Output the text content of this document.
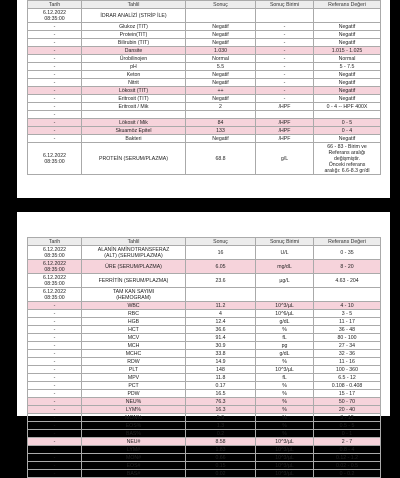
Tarih	Tahlil	Sonuç	Sonuç Birimi	Referans Değeri
6.12.2022
08:35:00	İDRAR ANALİZİ (STRİP İLE)			
-	Glukoz (TIT)	Negatif	-	Negatif
-	Protein(TIT)	Negatif	-	Negatif
-	Bilirubin (TIT)	Negatif	-	Negatif
-	Dansite	1.030	-	1.015 - 1.025
-	Ürobilinojen	Normal	-	Normal
-	pH	5.5	-	5 - 7.5
-	Keton	Negatif	-	Negatif
-	Nitrit	Negatif	-	Negatif
-	Lökosit (TIT)	++	-	Negatif
-	Eritrosit (TIT)	Negatif	-	Negatif
-	Eritrosit / Mik	2	/HPF	0 - 4 -- HPF 400X
-				
-	Lökosit / Mik	84	/HPF	0 - 5
-	Skuamöz Epitel	133	/HPF	0 - 4
-	Bakteri	Negatif	/HPF	Negatif
6.12.2022
08:35:00	PROTEİN (SERUM/PLAZMA)	68.8	g/L	66 - 83 - Birim ve
Referans aralığı
değişmiştir.
Önceki referans
aralığı: 6.6-8.3 gr/dl
Tarih	Tahlil	Sonuç	Sonuç Birimi	Referans Değeri
6.12.2022
08:35:00	ALANİN AMİNOTRANSFERAZ
(ALT) (SERUM/PLAZMA)	16	U/L	0 - 35
6.12.2022
08:35:00	ÜRE (SERUM/PLAZMA)	6.05	mg/dL	8 - 20
6.12.2022
08:35:00	FERRİTİN (SERUM/PLAZMA)	23.6	µg/L	4.63 - 204
6.12.2022
08:35:00	TAM KAN SAYIMI
(HEMOGRAM)			
-	WBC	11.2	10^3/µL	4 - 10
-	RBC	4	10^6/µL	3 - 5
-	HGB	12.4	g/dL	11 - 17
-	HCT	36.6	%	36 - 48
-	MCV	91.4	fL	80 - 100
-	MCH	30.9	pg	27 - 34
-	MCHC	33.8	g/dL	32 - 36
-	RDW	14.9	%	11 - 16
-	PLT	148	10^3/µL	100 - 360
-	MPV	11.8	fL	6.5 - 12
-	PCT	0.17	%	0.108 - 0.408
-	PDW	16.5	%	15 - 17
-	NEU%	76.3	%	50 - 70
-	LYM%	16.3	%	20 - 40
-	MON%	5.9	%	3 - 12
-	EOS%	1.3	%	0.5 - 5
-	BAS%	0.2	%	0 - 1
-	NEU#	8.58	10^3/µL	2 - 7
-	LYM#	1.83	10^3/µL	0.8 - 4
-	MON#	0.66	10^3/µL	0.12 - 1.2
-	EOS#	0.15	10^3/µL	0.02 - 0.5
-	BAS#	0.02	10^3/µL	0 - 0.2
